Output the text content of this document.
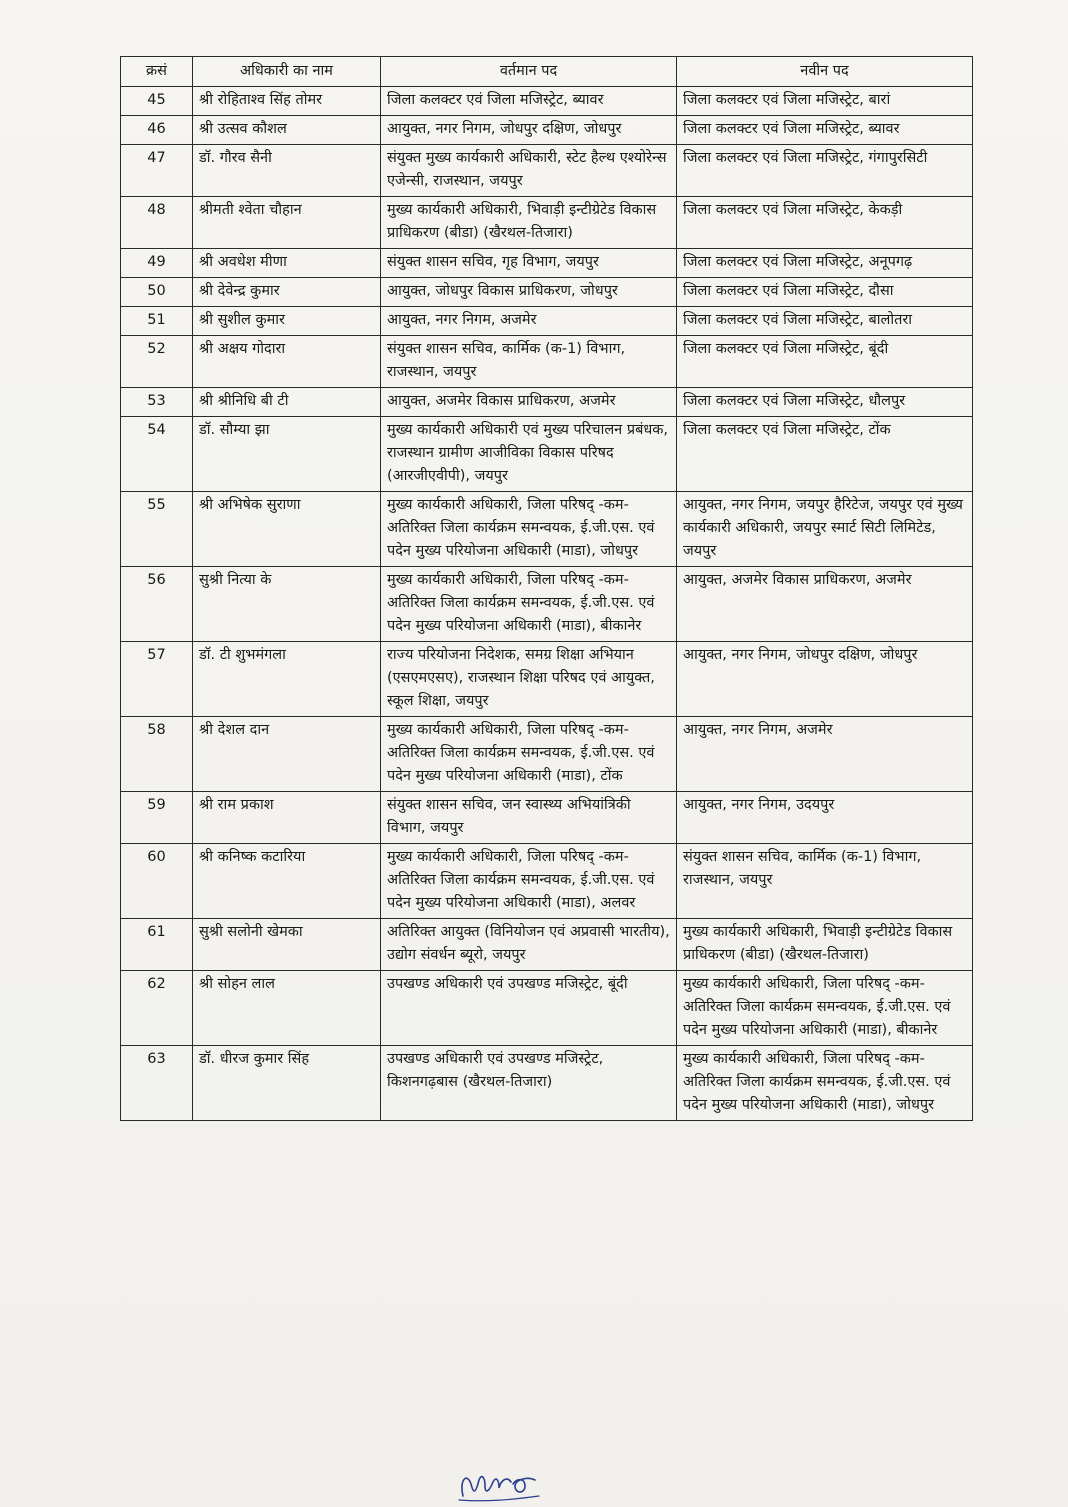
क्रसं	अधिकारी का नाम	वर्तमान पद	नवीन पद
45	श्री रोहिताश्व सिंह तोमर	जिला कलक्टर एवं जिला मजिस्ट्रेट, ब्यावर	जिला कलक्टर एवं जिला मजिस्ट्रेट, बारां
46	श्री उत्सव कौशल	आयुक्त, नगर निगम, जोधपुर दक्षिण, जोधपुर	जिला कलक्टर एवं जिला मजिस्ट्रेट, ब्यावर
47	डॉ. गौरव सैनी	संयुक्त मुख्य कार्यकारी अधिकारी, स्टेट हैल्थ एश्योरेन्स एजेन्सी, राजस्थान, जयपुर	जिला कलक्टर एवं जिला मजिस्ट्रेट, गंगापुरसिटी
48	श्रीमती श्वेता चौहान	मुख्य कार्यकारी अधिकारी, भिवाड़ी इन्टीग्रेटेड विकास प्राधिकरण (बीडा) (खैरथल-तिजारा)	जिला कलक्टर एवं जिला मजिस्ट्रेट, केकड़ी
49	श्री अवधेश मीणा	संयुक्त शासन सचिव, गृह विभाग, जयपुर	जिला कलक्टर एवं जिला मजिस्ट्रेट, अनूपगढ़
50	श्री देवेन्द्र कुमार	आयुक्त, जोधपुर विकास प्राधिकरण, जोधपुर	जिला कलक्टर एवं जिला मजिस्ट्रेट, दौसा
51	श्री सुशील कुमार	आयुक्त, नगर निगम, अजमेर	जिला कलक्टर एवं जिला मजिस्ट्रेट, बालोतरा
52	श्री अक्षय गोदारा	संयुक्त शासन सचिव, कार्मिक (क-1) विभाग, राजस्थान, जयपुर	जिला कलक्टर एवं जिला मजिस्ट्रेट, बूंदी
53	श्री श्रीनिधि बी टी	आयुक्त, अजमेर विकास प्राधिकरण, अजमेर	जिला कलक्टर एवं जिला मजिस्ट्रेट, धौलपुर
54	डॉ. सौम्या झा	मुख्य कार्यकारी अधिकारी एवं मुख्य परिचालन प्रबंधक, राजस्थान ग्रामीण आजीविका विकास परिषद (आरजीएवीपी), जयपुर	जिला कलक्टर एवं जिला मजिस्ट्रेट, टोंक
55	श्री अभिषेक सुराणा	मुख्य कार्यकारी अधिकारी, जिला परिषद् -कम- अतिरिक्त जिला कार्यक्रम समन्वयक, ई.जी.एस. एवं पदेन मुख्य परियोजना अधिकारी (माडा), जोधपुर	आयुक्त, नगर निगम, जयपुर हैरिटेज, जयपुर एवं मुख्य कार्यकारी अधिकारी, जयपुर स्मार्ट सिटी लिमिटेड, जयपुर
56	सुश्री नित्या के	मुख्य कार्यकारी अधिकारी, जिला परिषद् -कम- अतिरिक्त जिला कार्यक्रम समन्वयक, ई.जी.एस. एवं पदेन मुख्य परियोजना अधिकारी (माडा), बीकानेर	आयुक्त, अजमेर विकास प्राधिकरण, अजमेर
57	डॉ. टी शुभमंगला	राज्य परियोजना निदेशक, समग्र शिक्षा अभियान (एसएमएसए), राजस्थान शिक्षा परिषद एवं आयुक्त, स्कूल शिक्षा, जयपुर	आयुक्त, नगर निगम, जोधपुर दक्षिण, जोधपुर
58	श्री देशल दान	मुख्य कार्यकारी अधिकारी, जिला परिषद् -कम- अतिरिक्त जिला कार्यक्रम समन्वयक, ई.जी.एस. एवं पदेन मुख्य परियोजना अधिकारी (माडा), टोंक	आयुक्त, नगर निगम, अजमेर
59	श्री राम प्रकाश	संयुक्त शासन सचिव, जन स्वास्थ्य अभियांत्रिकी विभाग, जयपुर	आयुक्त, नगर निगम, उदयपुर
60	श्री कनिष्क कटारिया	मुख्य कार्यकारी अधिकारी, जिला परिषद् -कम- अतिरिक्त जिला कार्यक्रम समन्वयक, ई.जी.एस. एवं पदेन मुख्य परियोजना अधिकारी (माडा), अलवर	संयुक्त शासन सचिव, कार्मिक (क-1) विभाग, राजस्थान, जयपुर
61	सुश्री सलोनी खेमका	अतिरिक्त आयुक्त (विनियोजन एवं अप्रवासी भारतीय), उद्योग संवर्धन ब्यूरो, जयपुर	मुख्य कार्यकारी अधिकारी, भिवाड़ी इन्टीग्रेटेड विकास प्राधिकरण (बीडा) (खैरथल-तिजारा)
62	श्री सोहन लाल	उपखण्ड अधिकारी एवं उपखण्ड मजिस्ट्रेट, बूंदी	मुख्य कार्यकारी अधिकारी, जिला परिषद् -कम- अतिरिक्त जिला कार्यक्रम समन्वयक, ई.जी.एस. एवं पदेन मुख्य परियोजना अधिकारी (माडा), बीकानेर
63	डॉ. धीरज कुमार सिंह	उपखण्ड अधिकारी एवं उपखण्ड मजिस्ट्रेट, किशनगढ़बास (खैरथल-तिजारा)	मुख्य कार्यकारी अधिकारी, जिला परिषद् -कम- अतिरिक्त जिला कार्यक्रम समन्वयक, ई.जी.एस. एवं पदेन मुख्य परियोजना अधिकारी (माडा), जोधपुर
